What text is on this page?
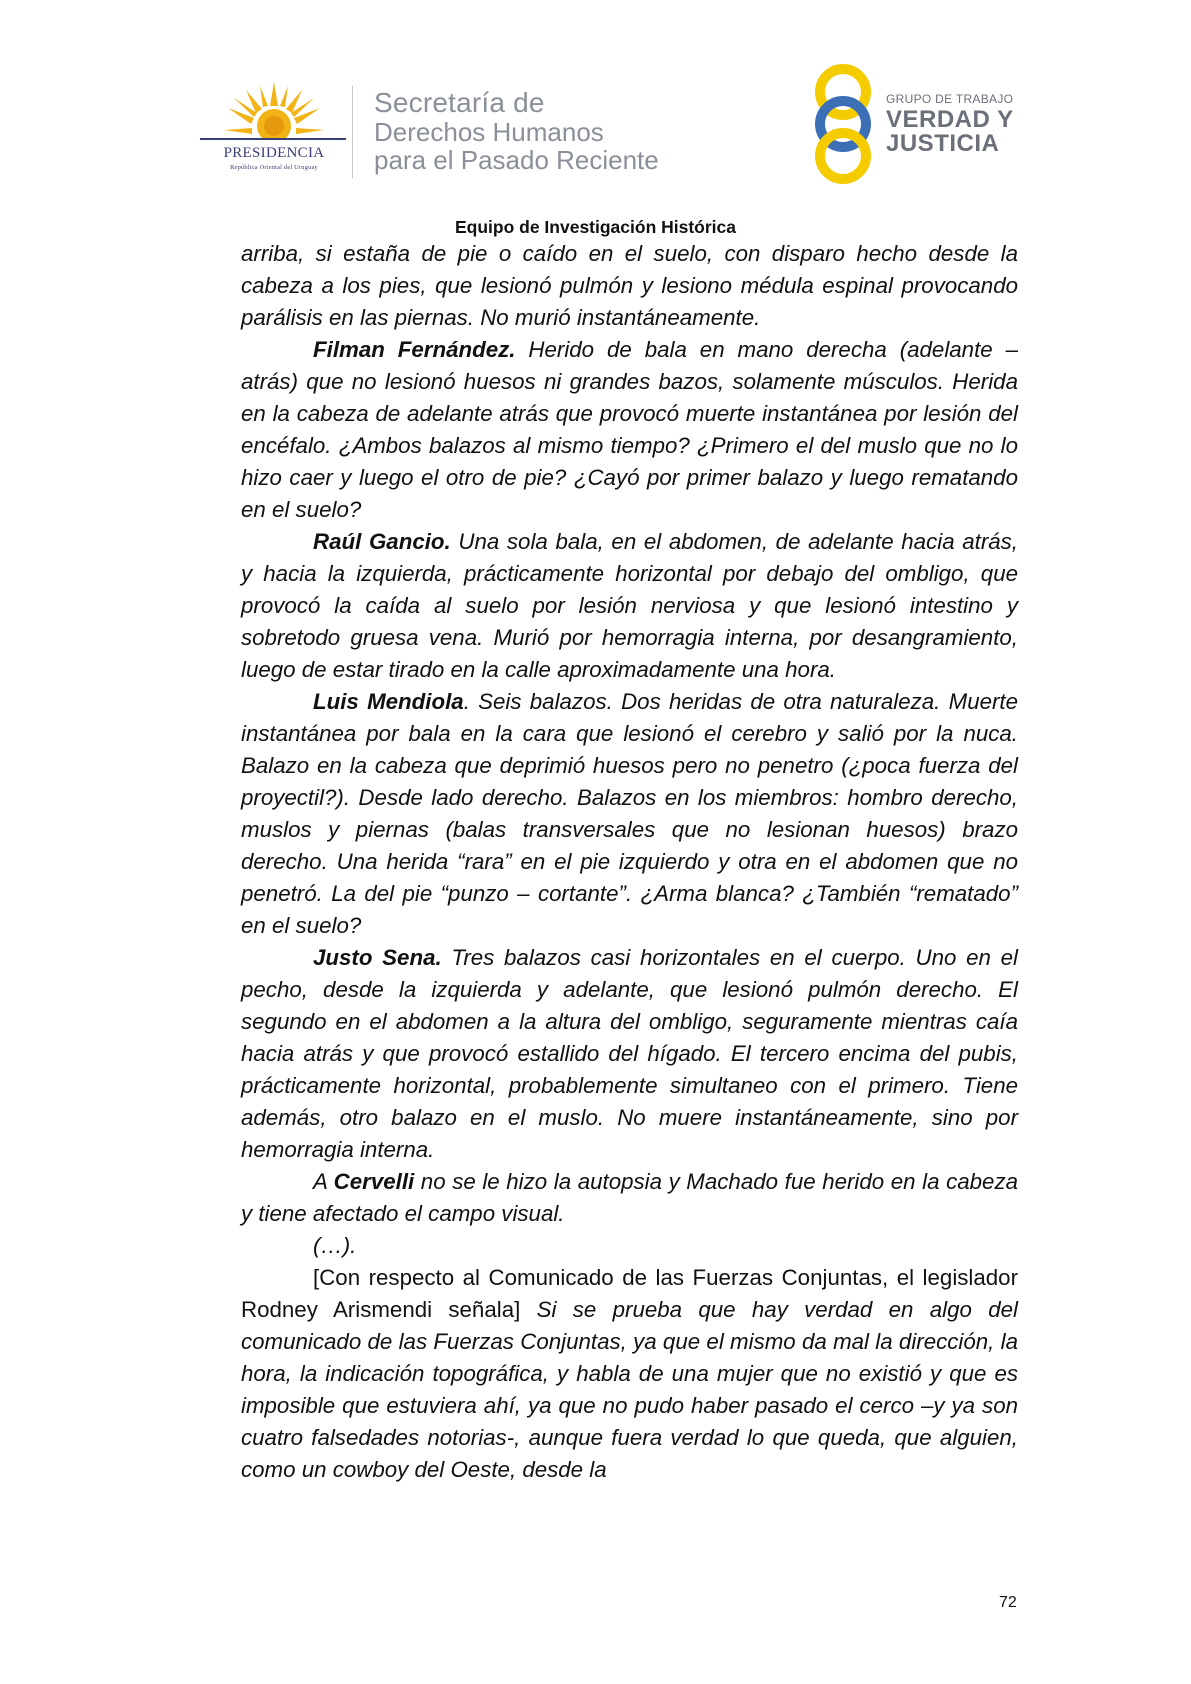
PRESIDENCIA
República Oriental del Uruguay
Secretaría de
Derechos Humanos
para el Pasado Reciente
GRUPO DE TRABAJO
VERDAD Y
JUSTICIA
Equipo de Investigación Histórica

arriba, si estaña de pie o caído en el suelo, con disparo hecho desde la cabeza a los pies, que lesionó pulmón y lesiono médula espinal provocando parálisis en las piernas. No murió instantáneamente.

Filman Fernández. Herido de bala en mano derecha (adelante – atrás) que no lesionó huesos ni grandes bazos, solamente músculos. Herida en la cabeza de adelante atrás que provocó muerte instantánea por lesión del encéfalo. ¿Ambos balazos al mismo tiempo? ¿Primero el del muslo que no lo hizo caer y luego el otro de pie? ¿Cayó por primer balazo y luego rematando en el suelo?

Raúl Gancio. Una sola bala, en el abdomen, de adelante hacia atrás, y hacia la izquierda, prácticamente horizontal por debajo del ombligo, que provocó la caída al suelo por lesión nerviosa y que lesionó intestino y sobretodo gruesa vena. Murió por hemorragia interna, por desangramiento, luego de estar tirado en la calle aproximadamente una hora.

Luis Mendiola. Seis balazos. Dos heridas de otra naturaleza. Muerte instantánea por bala en la cara que lesionó el cerebro y salió por la nuca. Balazo en la cabeza que deprimió huesos pero no penetro (¿poca fuerza del proyectil?). Desde lado derecho. Balazos en los miembros: hombro derecho, muslos y piernas (balas transversales que no lesionan huesos) brazo derecho. Una herida “rara” en el pie izquierdo y otra en el abdomen que no penetró. La del pie “punzo – cortante”. ¿Arma blanca? ¿También “rematado” en el suelo?

Justo Sena. Tres balazos casi horizontales en el cuerpo. Uno en el pecho, desde la izquierda y adelante, que lesionó pulmón derecho. El segundo en el abdomen a la altura del ombligo, seguramente mientras caía hacia atrás y que provocó estallido del hígado. El tercero encima del pubis, prácticamente horizontal, probablemente simultaneo con el primero. Tiene además, otro balazo en el muslo. No muere instantáneamente, sino por hemorragia interna.

A Cervelli no se le hizo la autopsia y Machado fue herido en la cabeza y tiene afectado el campo visual.

(…).

[Con respecto al Comunicado de las Fuerzas Conjuntas, el legislador Rodney Arismendi señala] Si se prueba que hay verdad en algo del comunicado de las Fuerzas Conjuntas, ya que el mismo da mal la dirección, la hora, la indicación topográfica, y habla de una mujer que no existió y que es imposible que estuviera ahí, ya que no pudo haber pasado el cerco –y ya son cuatro falsedades notorias-, aunque fuera verdad lo que queda, que alguien, como un cowboy del Oeste, desde la

72
